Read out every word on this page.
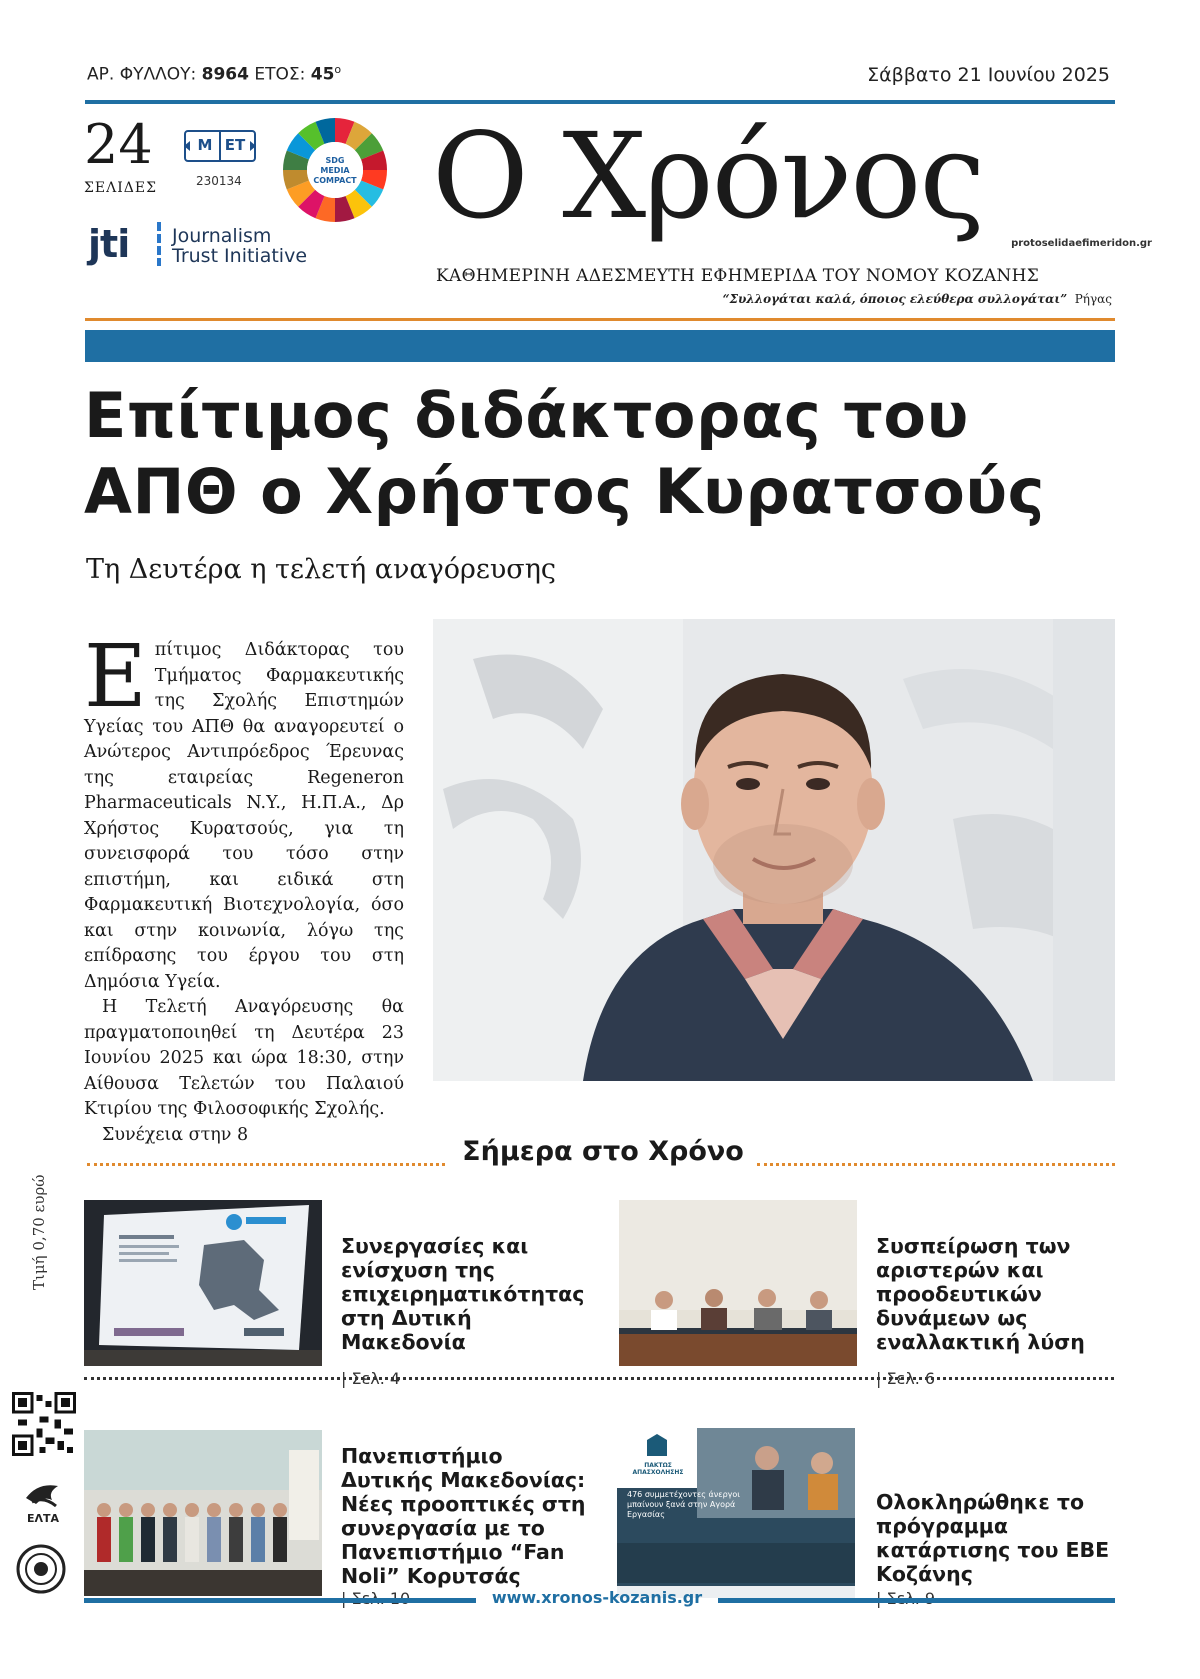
ΑΡ. ΦΥΛΛΟΥ: 8964 ΕΤΟΣ: $45^o$	Σάββατο 21 Ιουνίου 2025
24
ΣΕΛΙΔΕΣ
Μ ΕΤ
230134
SDG
MEDIA
COMPACT
jti Journalism
Trust Initiative
Ο Χρόνος	protoselidaefimeridon.gr
ΚΑΘΗΜΕΡΙΝΗ ΑΔΕΣΜΕΥΤΗ ΕΦΗΜΕΡΙΔΑ ΤΟΥ ΝΟΜΟΥ ΚΟΖΑΝΗΣ
“Συλλογάται καλά, όποιος ελεύθερα συλλογάται” Ρήγας
Επίτιμος διδάκτορας του
ΑΠΘ ο Χρήστος Κυρατσούς
Τη Δευτέρα η τελετή αναγόρευσης

Επίτιμος Διδάκτορας του Τμήματος Φαρμακευτικής της Σχολής Επιστημών Υγείας του ΑΠΘ θα αναγορευτεί ο Ανώτερος Αντιπρόεδρος Έρευνας της εταιρείας Regeneron Pharmaceuticals N.Y., Η.Π.Α., Δρ Χρήστος Κυρατσούς, για τη συνεισφορά του τόσο στην επιστήμη, και ειδικά στη Φαρμακευτική Βιοτεχνολογία, όσο και στην κοινωνία, λόγω της επίδρασης του έργου του στη Δημόσια Υγεία.

Η Τελετή Αναγόρευσης θα πραγματοποιηθεί τη Δευτέρα 23 Ιουνίου 2025 και ώρα 18:30, στην Αίθουσα Τελετών του Παλαιού Κτιρίου της Φιλοσοφικής Σχολής.

Συνέχεια στην 8

Σήμερα στο Χρόνο
Συνεργασίες και ενίσχυση της επιχειρηματικότητας στη Δυτική Μακεδονία
| Σελ. 4
Συσπείρωση των αριστερών και προοδευτικών δυνάμεων ως εναλλακτική λύση
| Σελ. 6
Πανεπιστήμιο Δυτικής Μακεδονίας: Νέες προοπτικές στη συνεργασία με το Πανεπιστήμιο “Fan Noli” Κορυτσάς
ΠΑΚΤΩΣ ΑΠΑΣΧΟΛΗΣΗΣ
476 συμμετέχοντες άνεργοι μπαίνουν ξανά στην Αγορά Εργασίας
Ολοκληρώθηκε το πρόγραμμα κατάρτισης του ΕΒΕ Κοζάνης
Τιμή 0,70 ευρώ
ΕΛΤΑ
www.xronos-kozanis.gr
